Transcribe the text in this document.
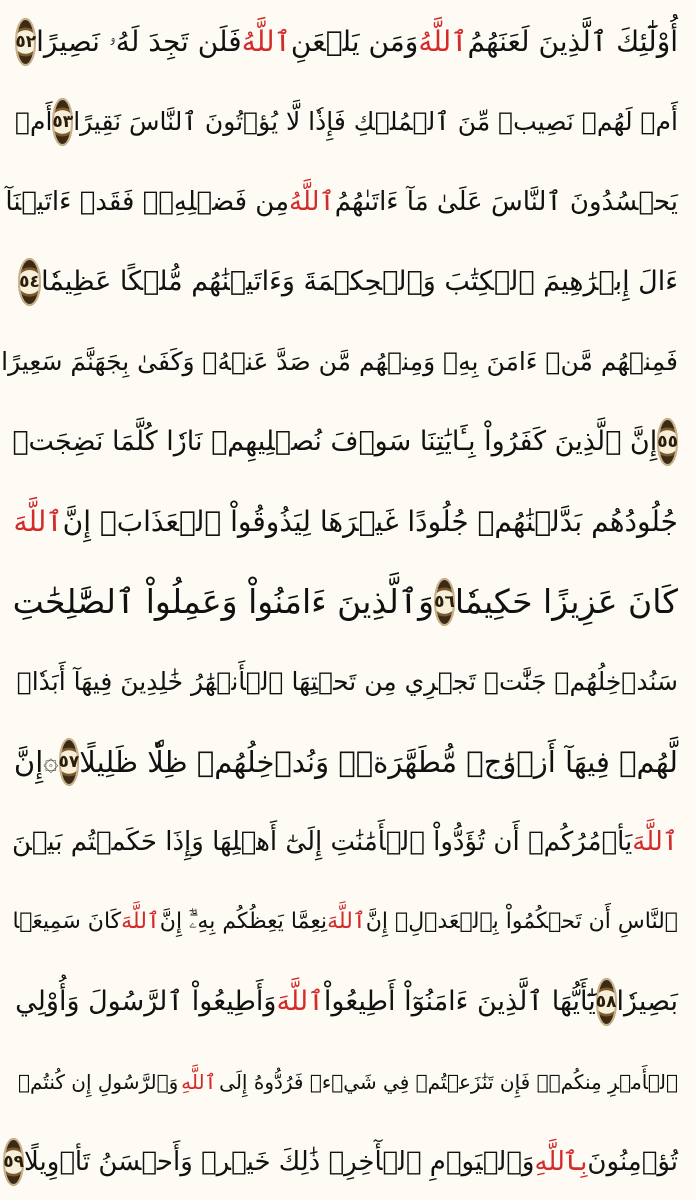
أُوْلَٰٓئِكَ ٱلَّذِينَ لَعَنَهُمُ
ٱللَّهُ
وَمَن يَلۡعَنِ
ٱللَّهُ
فَلَن تَجِدَ لَهُۥ نَصِيرًا
٥٢
أَمۡ لَهُمۡ نَصِيبٞ مِّنَ ٱلۡمُلۡكِ فَإِذٗا لَّا يُؤۡتُونَ ٱلنَّاسَ نَقِيرًا
٥٣
أَمۡ
يَحۡسُدُونَ ٱلنَّاسَ عَلَىٰ مَآ ءَاتَىٰهُمُ
ٱللَّهُ
مِن فَضۡلِهِۦۖ فَقَدۡ ءَاتَيۡنَآ
ءَالَ إِبۡرَٰهِيمَ ٱلۡكِتَٰبَ وَٱلۡحِكۡمَةَ وَءَاتَيۡنَٰهُم مُّلۡكًا عَظِيمٗا
٥٤
فَمِنۡهُم مَّنۡ ءَامَنَ بِهِۦ وَمِنۡهُم مَّن صَدَّ عَنۡهُۚ وَكَفَىٰ بِجَهَنَّمَ سَعِيرًا
٥٥
إِنَّ ٱلَّذِينَ كَفَرُواْ بِـَٔايَٰتِنَا سَوۡفَ نُصۡلِيهِمۡ نَارٗا كُلَّمَا نَضِجَتۡ
جُلُودُهُم بَدَّلۡنَٰهُمۡ جُلُودًا غَيۡرَهَا لِيَذُوقُواْ ٱلۡعَذَابَۗ إِنَّ
ٱللَّهَ
كَانَ عَزِيزًا حَكِيمٗا
٥٦
وَٱلَّذِينَ ءَامَنُواْ وَعَمِلُواْ ٱلصَّٰلِحَٰتِ
سَنُدۡخِلُهُمۡ جَنَّٰتٖ تَجۡرِي مِن تَحۡتِهَا ٱلۡأَنۡهَٰرُ خَٰلِدِينَ فِيهَآ أَبَدٗاۖ
لَّهُمۡ فِيهَآ أَزۡوَٰجٞ مُّطَهَّرَةٞۖ وَنُدۡخِلُهُمۡ ظِلّٗا ظَلِيلًا
٥٧
۞
إِنَّ
ٱللَّهَ
يَأۡمُرُكُمۡ أَن تُؤَدُّواْ ٱلۡأَمَٰنَٰتِ إِلَىٰٓ أَهۡلِهَا وَإِذَا حَكَمۡتُم بَيۡنَ
ٱلنَّاسِ أَن تَحۡكُمُواْ بِٱلۡعَدۡلِۚ إِنَّ
ٱللَّهَ
نِعِمَّا يَعِظُكُم بِهِۦٓۗ إِنَّ
ٱللَّهَ
كَانَ سَمِيعَۢا
بَصِيرٗا
٥٨
يَٰٓأَيُّهَا ٱلَّذِينَ ءَامَنُوٓاْ أَطِيعُواْ
ٱللَّهَ
وَأَطِيعُواْ ٱلرَّسُولَ وَأُوْلِي
ٱلۡأَمۡرِ مِنكُمۡۖ فَإِن تَنَٰزَعۡتُمۡ فِي شَيۡءٖ فَرُدُّوهُ إِلَى
ٱللَّهِ
وَٱلرَّسُولِ إِن كُنتُمۡ
تُؤۡمِنُونَ
بِٱللَّهِ
وَٱلۡيَوۡمِ ٱلۡأٓخِرِۚ ذَٰلِكَ خَيۡرٞ وَأَحۡسَنُ تَأۡوِيلًا
٥٩
